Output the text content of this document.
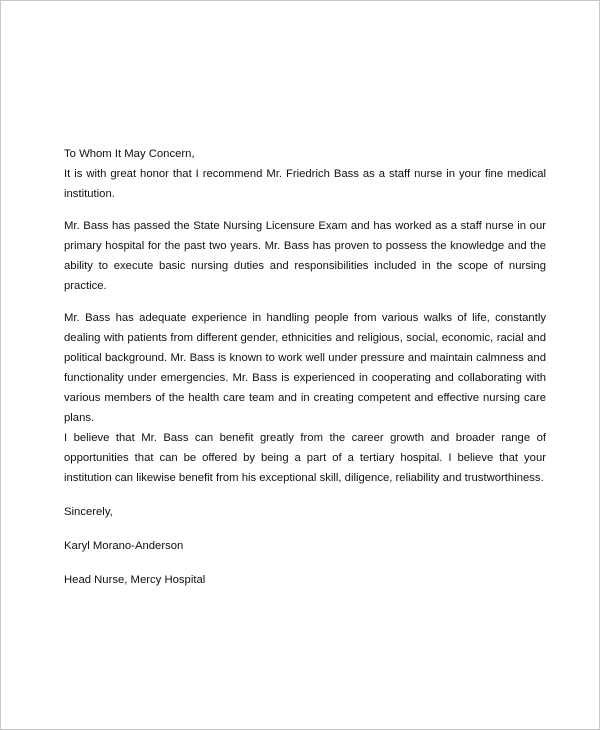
To Whom It May Concern,

It is with great honor that I recommend Mr. Friedrich Bass as a staff nurse in your fine medical institution.

Mr. Bass has passed the State Nursing Licensure Exam and has worked as a staff nurse in our primary hospital for the past two years. Mr. Bass has proven to possess the knowledge and the ability to execute basic nursing duties and responsibilities included in the scope of nursing practice.

Mr. Bass has adequate experience in handling people from various walks of life, constantly dealing with patients from different gender, ethnicities and religious, social, economic, racial and political background. Mr. Bass is known to work well under pressure and maintain calmness and functionality under emergencies. Mr. Bass is experienced in cooperating and collaborating with various members of the health care team and in creating competent and effective nursing care plans.

I believe that Mr. Bass can benefit greatly from the career growth and broader range of opportunities that can be offered by being a part of a tertiary hospital. I believe that your institution can likewise benefit from his exceptional skill, diligence, reliability and trustworthiness.

Sincerely,

Karyl Morano-Anderson

Head Nurse, Mercy Hospital
